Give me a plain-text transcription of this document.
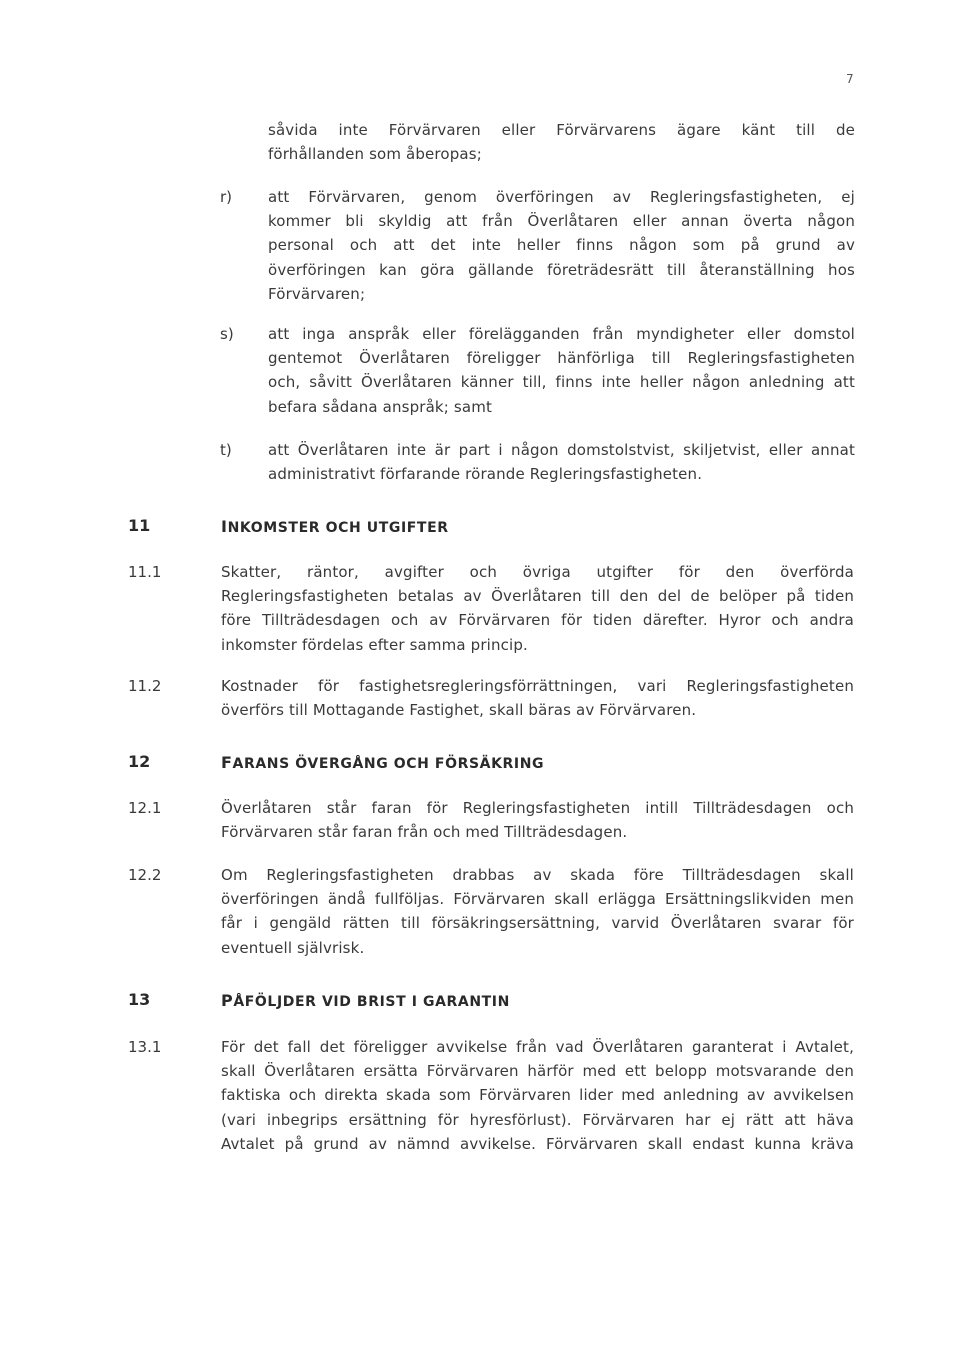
7
såvida inte Förvärvaren eller Förvärvarens ägare känt till de
förhållanden som åberopas;
r) att Förvärvaren, genom överföringen av Regleringsfastigheten, ej
kommer bli skyldig att från Överlåtaren eller annan överta någon
personal och att det inte heller finns någon som på grund av
överföringen kan göra gällande företrädesrätt till återanställning hos
Förvärvaren;
s) att inga anspråk eller förelägganden från myndigheter eller domstol
gentemot Överlåtaren föreligger hänförliga till Regleringsfastigheten
och, såvitt Överlåtaren känner till, finns inte heller någon anledning att
befara sådana anspråk; samt
t) att Överlåtaren inte är part i någon domstolstvist, skiljetvist, eller annat
administrativt förfarande rörande Regleringsfastigheten.
11	INKOMSTER OCH UTGIFTER
11.1	Skatter, räntor, avgifter och övriga utgifter för den överförda
Regleringsfastigheten betalas av Överlåtaren till den del de belöper på tiden
före Tillträdesdagen och av Förvärvaren för tiden därefter. Hyror och andra
inkomster fördelas efter samma princip.
11.2	Kostnader för fastighetsregleringsförrättningen, vari Regleringsfastigheten
överförs till Mottagande Fastighet, skall bäras av Förvärvaren.
12	FARANS ÖVERGÅNG OCH FÖRSÄKRING
12.1	Överlåtaren står faran för Regleringsfastigheten intill Tillträdesdagen och
Förvärvaren står faran från och med Tillträdesdagen.
12.2	Om Regleringsfastigheten drabbas av skada före Tillträdesdagen skall
överföringen ändå fullföljas. Förvärvaren skall erlägga Ersättningslikviden men
får i gengäld rätten till försäkringsersättning, varvid Överlåtaren svarar för
eventuell självrisk.
13	PÅFÖLJDER VID BRIST I GARANTIN
13.1	För det fall det föreligger avvikelse från vad Överlåtaren garanterat i Avtalet,
skall Överlåtaren ersätta Förvärvaren härför med ett belopp motsvarande den
faktiska och direkta skada som Förvärvaren lider med anledning av avvikelsen
(vari inbegrips ersättning för hyresförlust). Förvärvaren har ej rätt att häva
Avtalet på grund av nämnd avvikelse. Förvärvaren skall endast kunna kräva
